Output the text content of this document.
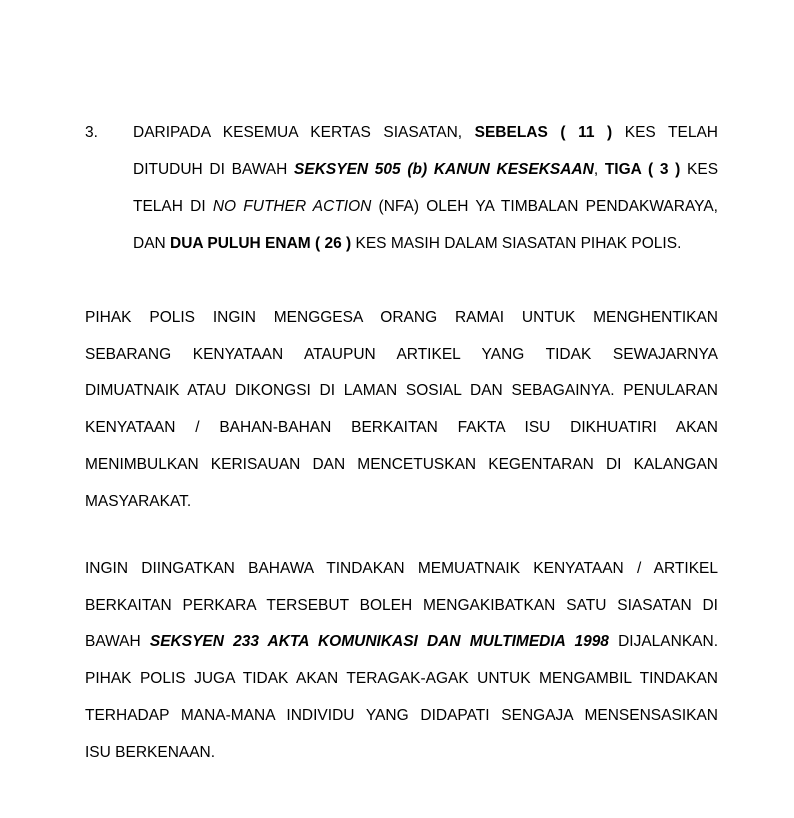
3. DARIPADA KESEMUA KERTAS SIASATAN, SEBELAS ( 11 ) KES TELAH
DITUDUH DI BAWAH SEKSYEN 505 (b) KANUN KESEKSAAN, TIGA ( 3 ) KES
TELAH DI NO FUTHER ACTION (NFA) OLEH YA TIMBALAN PENDAKWARAYA,
DAN DUA PULUH ENAM ( 26 ) KES MASIH DALAM SIASATAN PIHAK POLIS.
PIHAK POLIS INGIN MENGGESA ORANG RAMAI UNTUK MENGHENTIKAN
SEBARANG KENYATAAN ATAUPUN ARTIKEL YANG TIDAK SEWAJARNYA
DIMUATNAIK ATAU DIKONGSI DI LAMAN SOSIAL DAN SEBAGAINYA. PENULARAN
KENYATAAN / BAHAN-BAHAN BERKAITAN FAKTA ISU DIKHUATIRI AKAN
MENIMBULKAN KERISAUAN DAN MENCETUSKAN KEGENTARAN DI KALANGAN
MASYARAKAT.
INGIN DIINGATKAN BAHAWA TINDAKAN MEMUATNAIK KENYATAAN / ARTIKEL
BERKAITAN PERKARA TERSEBUT BOLEH MENGAKIBATKAN SATU SIASATAN DI
BAWAH SEKSYEN 233 AKTA KOMUNIKASI DAN MULTIMEDIA 1998 DIJALANKAN.
PIHAK POLIS JUGA TIDAK AKAN TERAGAK-AGAK UNTUK MENGAMBIL TINDAKAN
TERHADAP MANA-MANA INDIVIDU YANG DIDAPATI SENGAJA MENSENSASIKAN
ISU BERKENAAN.
